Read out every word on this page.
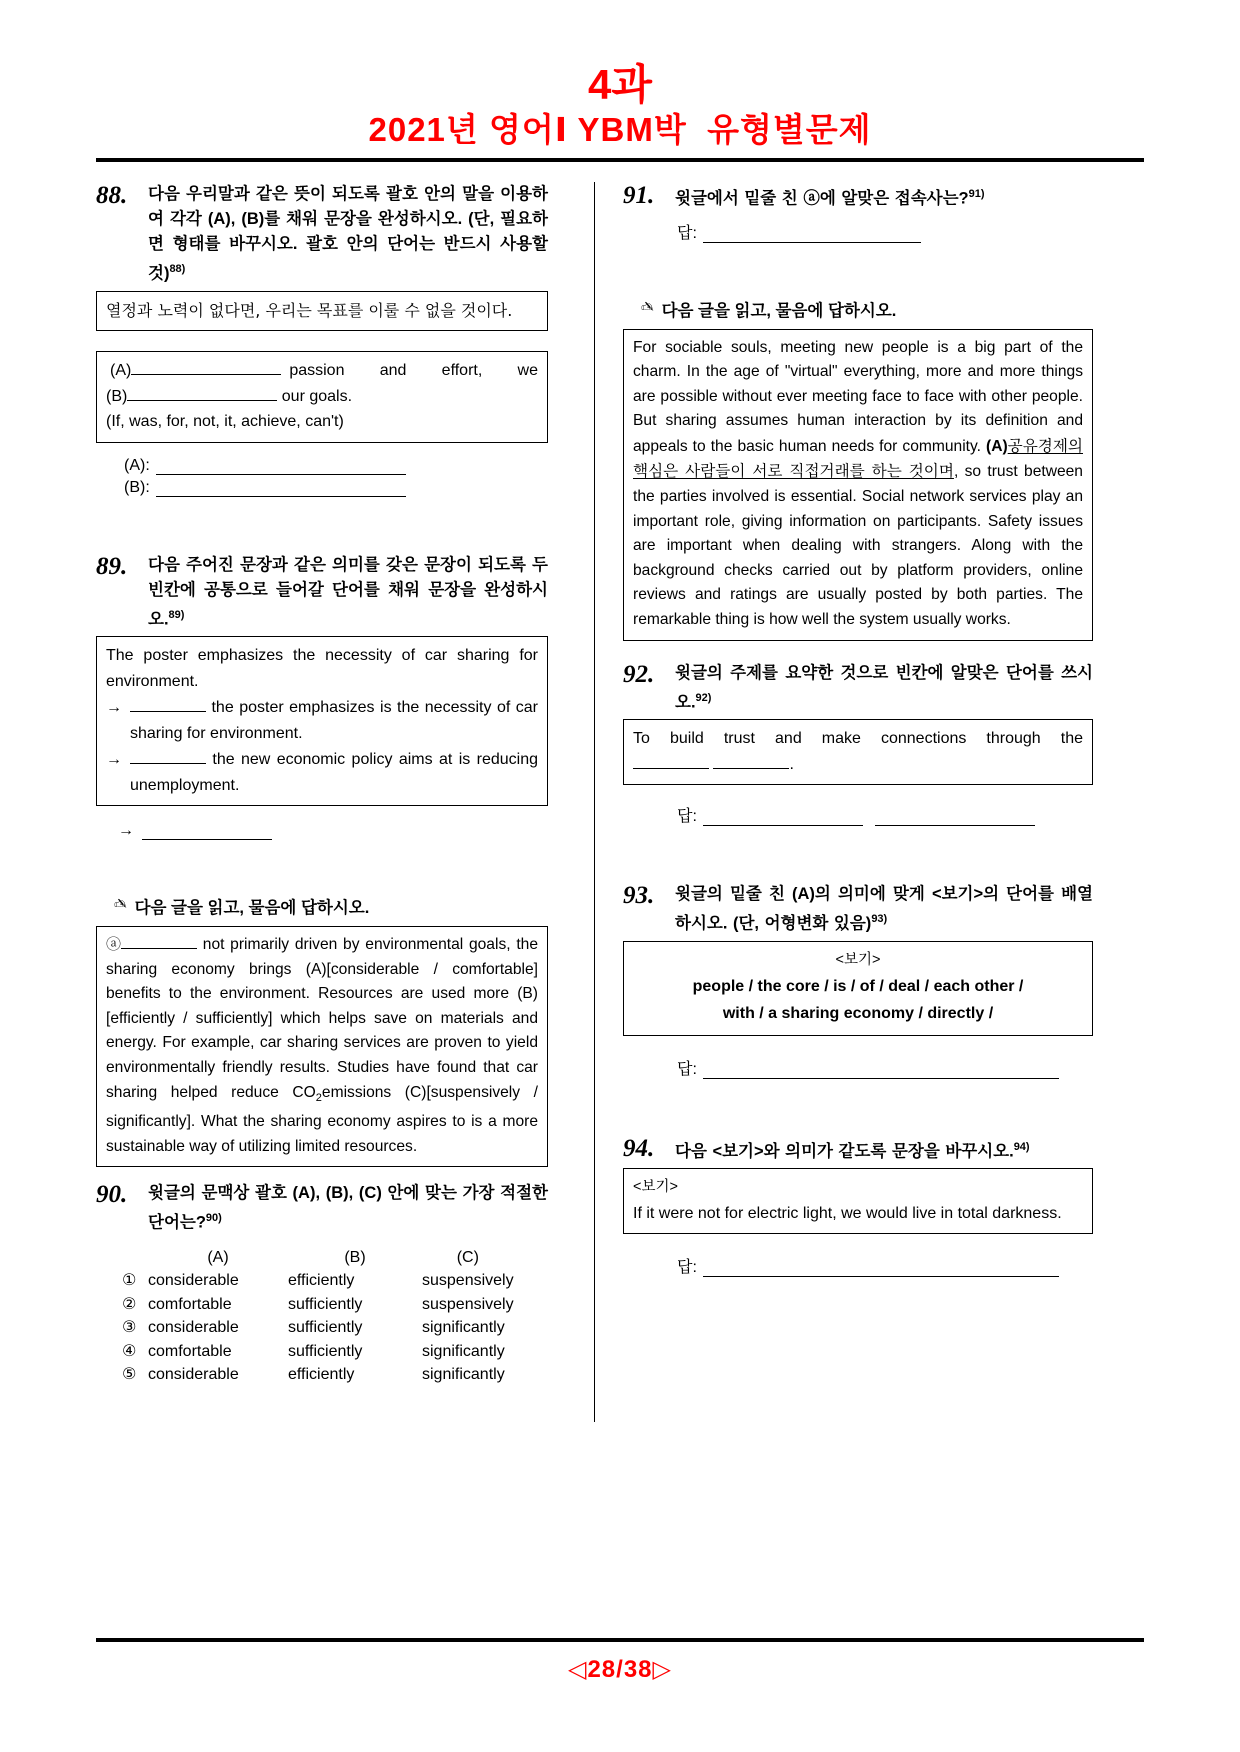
4과
2021년 영어Ⅰ YBM박  유형별문제
88.	다음 우리말과 같은 뜻이 되도록 괄호 안의 말을 이용하여 각각 (A), (B)를 채워 문장을 완성하시오. (단, 필요하면 형태를 바꾸시오. 괄호 안의 단어는 반드시 사용할 것)$^{88)}$
열정과 노력이 없다면, 우리는 목표를 이룰 수 없을 것이다.
(A)	passion and effort, we
(B)	our goals.
(If, was, for, not, it, achieve, can't)
(A):
(B):
89.	다음 주어진 문장과 같은 의미를 갖은 문장이 되도록 두 빈칸에 공통으로 들어갈 단어를 채워 문장을 완성하시오.$^{89)}$
The poster emphasizes the necessity of car sharing for environment.
→	the poster emphasizes is the necessity of car sharing for environment.
→	the new economic policy aims at is reducing unemployment.
→
✍ 다음 글을 읽고, 물음에 답하시오.
ⓐ	not primarily driven by environmental goals, the sharing economy brings (A)[considerable / comfortable] benefits to the environment. Resources are used more (B)[efficiently / sufficiently] which helps save on materials and energy. For example, car sharing services are proven to yield environmentally friendly results. Studies have found that car sharing helped reduce $CO_2emissions$ (C)[suspensively / significantly]. What the sharing economy aspires to is a more sustainable way of utilizing limited resources.
90.	윗글의 문맥상 괄호 (A), (B), (C) 안에 맞는 가장 적절한 단어는?$^{90)}$
	(A)	(B)	(C)
①	considerable	efficiently	suspensively
②	comfortable	sufficiently	suspensively
③	considerable	sufficiently	significantly
④	comfortable	sufficiently	significantly
⑤	considerable	efficiently	significantly
91.	윗글에서 밑줄 친 ⓐ에 알맞은 접속사는?$^{91)}$
답:
✍ 다음 글을 읽고, 물음에 답하시오.
For sociable souls, meeting new people is a big part of the charm. In the age of "virtual" everything, more and more things are possible without ever meeting face to face with other people. But sharing assumes human interaction by its definition and appeals to the basic human needs for community. (A)공유경제의 핵심은 사람들이 서로 직접거래를 하는 것이며, so trust between the parties involved is essential. Social network services play an important role, giving information on participants. Safety issues are important when dealing with strangers. Along with the background checks carried out by platform providers, online reviews and ratings are usually posted by both parties. The remarkable thing is how well the system usually works.
92.	윗글의 주제를 요약한 것으로 빈칸에 알맞은 단어를 쓰시오.$^{92)}$
To build trust and make connections through the
.
답:
93.	윗글의 밑줄 친 (A)의 의미에 맞게 <보기>의 단어를 배열하시오. (단, 어형변화 있음)$^{93)}$
<보기>
people / the core / is / of / deal / each other /
with / a sharing economy / directly /
답:
94.	다음 <보기>와 의미가 같도록 문장을 바꾸시오.$^{94)}$
<보기>
If it were not for electric light, we would live in total darkness.
답:
◁28/38▷
